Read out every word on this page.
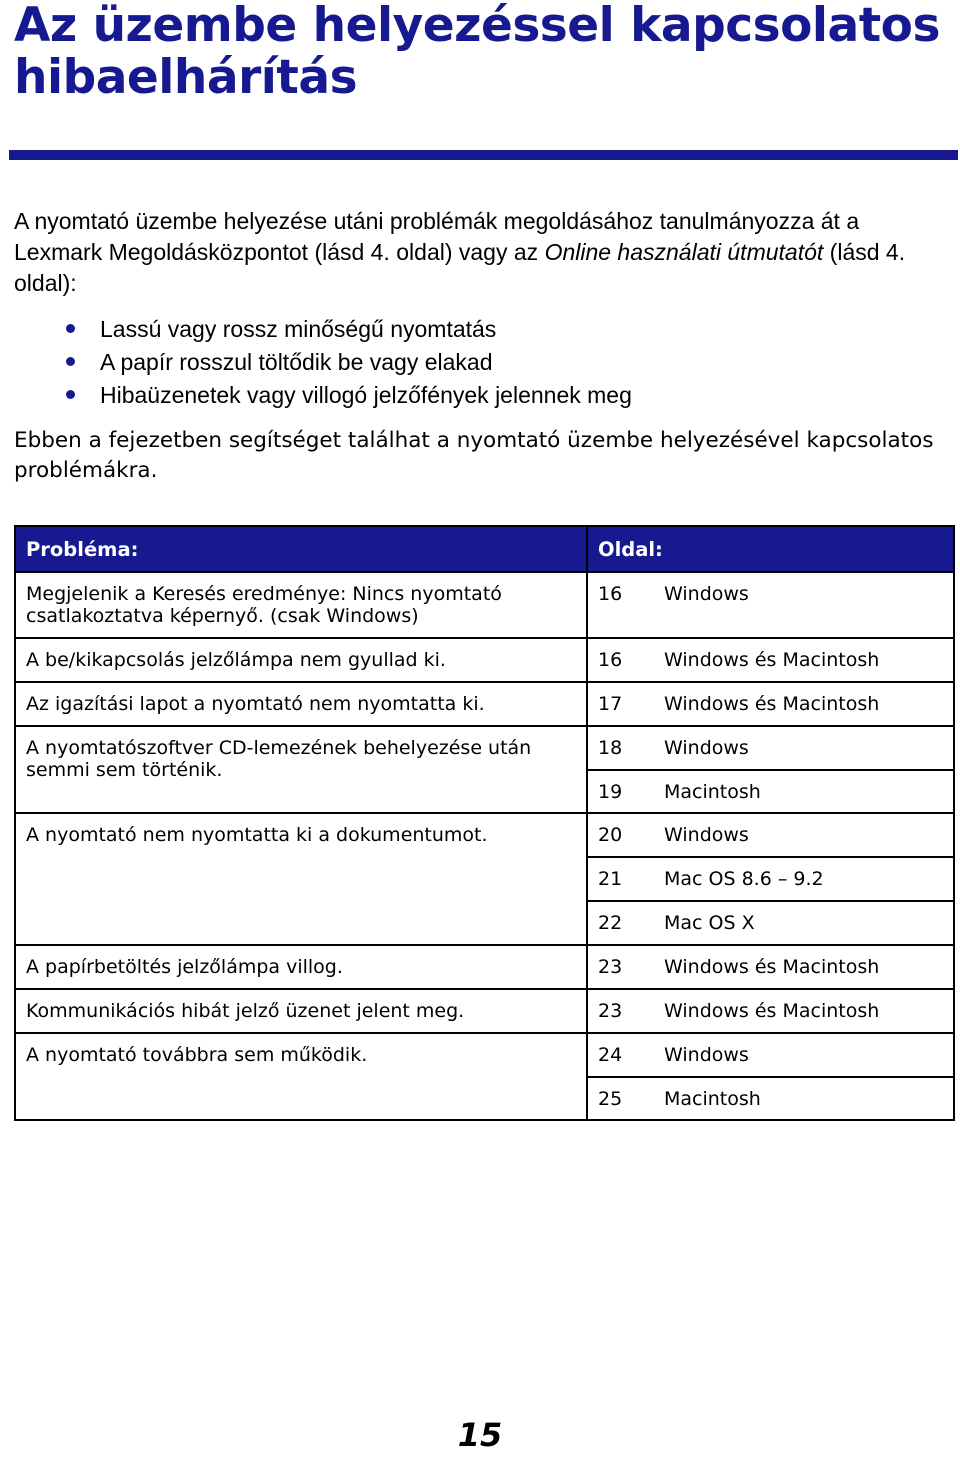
Az üzembe helyezéssel kapcsolatos hibaelhárítás

A nyomtató üzembe helyezése utáni problémák megoldásához tanulmányozza át a Lexmark Megoldásközpontot (lásd 4. oldal) vagy az Online használati útmutatót (lásd 4. oldal):

Lassú vagy rossz minőségű nyomtatás
A papír rosszul töltődik be vagy elakad
Hibaüzenetek vagy villogó jelzőfények jelennek meg

Ebben a fejezetben segítséget találhat a nyomtató üzembe helyezésével kapcsolatos problémákra.

Probléma:	Oldal:
Megjelenik a Keresés eredménye: Nincs nyomtató csatlakoztatva képernyő. (csak Windows)	16 Windows
A be/kikapcsolás jelzőlámpa nem gyullad ki.	16 Windows és Macintosh
Az igazítási lapot a nyomtató nem nyomtatta ki.	17 Windows és Macintosh
A nyomtatószoftver CD-lemezének behelyezése után semmi sem történik.	18 Windows
	19 Macintosh
A nyomtató nem nyomtatta ki a dokumentumot.	20 Windows
	21 Mac OS 8.6 – 9.2
	22 Mac OS X
A papírbetöltés jelzőlámpa villog.	23 Windows és Macintosh
Kommunikációs hibát jelző üzenet jelent meg.	23 Windows és Macintosh
A nyomtató továbbra sem működik.	24 Windows
	25 Macintosh

15
